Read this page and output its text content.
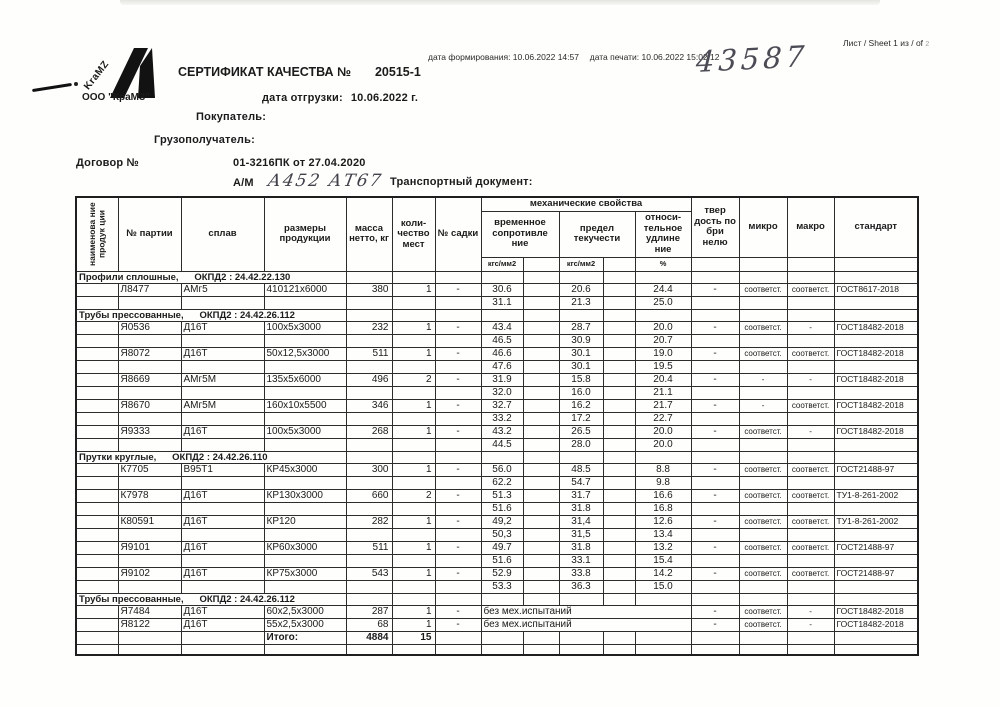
дата формирования: 10.06.2022 14:57 дата печати: 10.06.2022 15:02:12
Лист / Sheet 1 из / of 2
43587
KraMZ
ООО "КраМЗ"
СЕРТИФИКАТ КАЧЕСТВА № 20515-1
дата отгрузки: 10.06.2022 г.
Покупатель:
Грузополучатель:
Договор №	01-3216ПК от 27.04.2020
А/М А452 АТ67 Транспортный документ:
наименова ние продук ции	№ партии	сплав	размеры продукции	масса нетто, кг	коли- чество мест	№ садки	механические свойства					твер дость по бри нелю	микро	макро	стандарт
							временное сопротивле ние		предел текучести		относи- тельное удлине ние				
							кгс/мм2		кгс/мм2		%				
Профили сплошные,      ОКПД2 : 24.42.22.130															
	Л8477	АМг5	410121x6000	380	1	-	30.6		20.6		24.4	-	соответст.	соответст.	ГОСТ8617-2018
							31.1		21.3		25.0				
Трубы прессованные,      ОКПД2 : 24.42.26.112															
	Я0536	Д16Т	100x5x3000	232	1	-	43.4		28.7		20.0	-	соответст.	-	ГОСТ18482-2018
							46.5		30.9		20.7				
	Я8072	Д16Т	50x12,5x3000	511	1	-	46.6		30.1		19.0	-	соответст.	соответст.	ГОСТ18482-2018
							47.6		30.1		19.5				
	Я8669	АМг5М	135x5x6000	496	2	-	31.9		15.8		20.4	-	-	-	ГОСТ18482-2018
							32.0		16.0		21.1				
	Я8670	АМг5М	160x10x5500	346	1	-	32.7		16.2		21.7	-	-	соответст.	ГОСТ18482-2018
							33.2		17.2		22.7				
	Я9333	Д16Т	100x5x3000	268	1	-	43.2		26.5		20.0	-	соответст.	-	ГОСТ18482-2018
							44.5		28.0		20.0				
Прутки круглые,      ОКПД2 : 24.42.26.110															
	К7705	В95Т1	КР45x3000	300	1	-	56.0		48.5		8.8	-	соответст.	соответст.	ГОСТ21488-97
							62.2		54.7		9.8				
	К7978	Д16Т	КР130x3000	660	2	-	51.3		31.7		16.6	-	соответст.	соответст.	ТУ1-8-261-2002
							51.6		31.8		16.8				
	К80591	Д16Т	КР120	282	1	-	49,2		31,4		12.6	-	соответст.	соответст.	ТУ1-8-261-2002
							50,3		31,5		13.4				
	Я9101	Д16Т	КР60x3000	511	1	-	49.7		31.8		13.2	-	соответст.	соответст.	ГОСТ21488-97
							51.6		33.1		15.4				
	Я9102	Д16Т	КР75x3000	543	1	-	52.9		33.8		14.2	-	соответст.	соответст.	ГОСТ21488-97
							53.3		36.3		15.0				
Трубы прессованные,      ОКПД2 : 24.42.26.112															
	Я7484	Д16Т	60x2,5x3000	287	1	-	без мех.испытаний					-	соответст.	-	ГОСТ18482-2018
	Я8122	Д16Т	55x2,5x3000	68	1	-	без мех.испытаний					-	соответст.	-	ГОСТ18482-2018
			Итого:	4884	15										
